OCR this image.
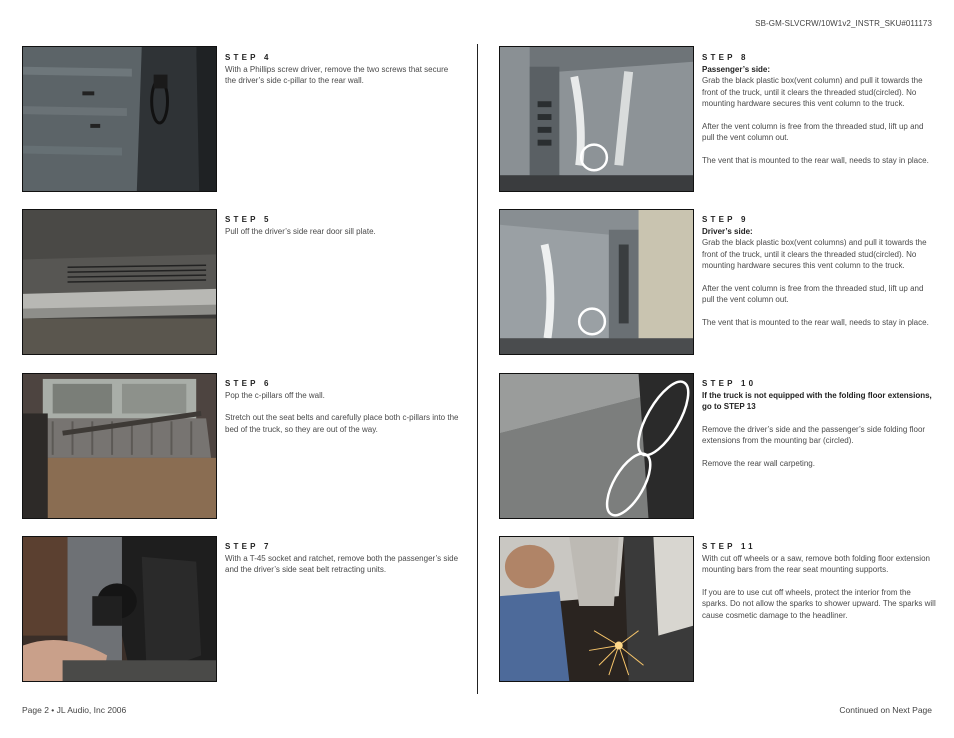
SB-GM-SLVCRW/10W1v2_INSTR_SKU#011173
STEP 4

With a Phillips screw driver, remove the two screws that secure the driver’s side c-pillar to the rear wall.

STEP 5

Pull off the driver’s side rear door sill plate.

STEP 6

Pop the c-pillars off the wall.

Stretch out the seat belts and carefully place both c-pillars into the bed of the truck, so they are out of the way.

STEP 7

With a T-45 socket and ratchet, remove both the passenger’s side and the driver’s side seat belt retracting units.

STEP 8
Passenger’s side:

Grab the black plastic box(vent column) and pull it towards the front of the truck, until it clears the threaded stud(circled). No mounting hardware secures this vent column to the truck.

After the vent column is free from the threaded stud, lift up and pull the vent column out.

The vent that is mounted to the rear wall, needs to stay in place.

STEP 9
Driver’s side:

Grab the black plastic box(vent columns) and pull it towards the front of the truck, until it clears the threaded stud(circled). No mounting hardware secures this vent column to the truck.

After the vent column is free from the threaded stud, lift up and pull the vent column out.

The vent that is mounted to the rear wall, needs to stay in place.

STEP 10

If the truck is not equipped with the folding floor extensions, go to STEP 13

Remove the driver’s side and the passenger’s side folding floor extensions from the mounting bar (circled).

Remove the rear wall carpeting.

STEP 11

With cut off wheels or a saw, remove both folding floor extension mounting bars from the rear seat mounting supports.

If you are to use cut off wheels, protect the interior from the sparks. Do not allow the sparks to shower upward. The sparks will cause cosmetic damage to the headliner.

Page 2 • JL Audio, Inc 2006	Continued on Next Page
